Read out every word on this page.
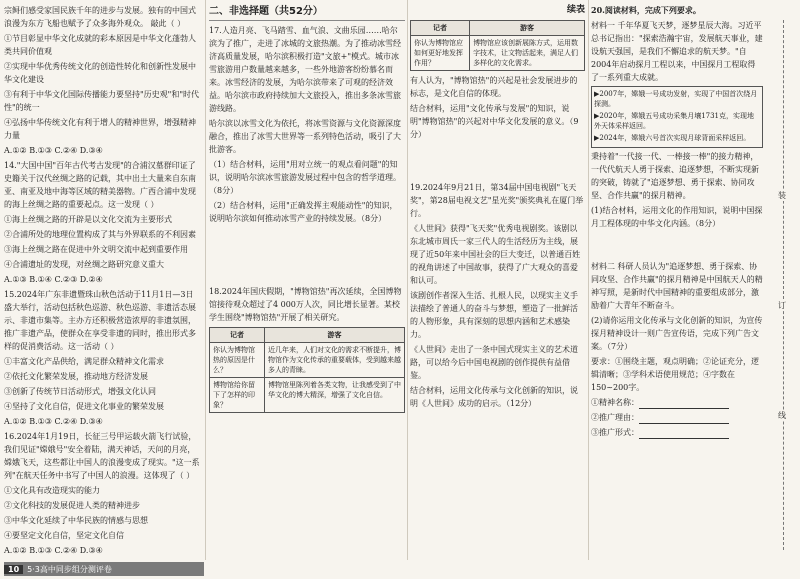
宗鲟们感受家国民族千年的进步与发展。独有的中国式浪漫为东方飞船也赋予了众多海外观众。 敲此（ ）

①节目彰显中华文化成就的彩本原因是中华文化蓬勃人类共同价值观

②实现中华优秀传统文化的创造性转化和创新性发展中华文化建设

③有利于中华文化国际传播能力要坚持"历史观"和"时代性"的统一

④弘扬中华传统文化有利于增人的精神世界，增强精神力量

A.①② B.①③ C.②④ D.③④

14."大国中国"百年古代考古发现"的合浦汉墓群印证了史籍关于汉代丝绸之路的记载，其中出土大量来自东南亚、南亚及地中海等区域的精美器物。广西合浦中发现的海上丝绸之路的重要起点。这一发现（ ）

①海上丝绸之路的开辟是以文化交流为主要形式

②合浦所处的地理位置构成了其与外界联系的不利因素

③海上丝绸之路在促进中外文明交流中起到重要作用

④合浦遗址的发现，对丝绸之路研究意义重大

A.①③ B.①④ C.②③ D.②④

15.2024年广东非遗暨珠山秋色活动于11月1日—3日盛大举行，活动包括秋色巡游、秋色巡游、非遗活态展示、非遗市集等。主办方还积极营造浓厚的非遗氛围，推广非遗产品，使群众在享受非遗的同时，推出形式多样的促消费活动。这一活动（ ）

①丰富文化产品供给，满足群众精神文化需求

②依托文化繁荣发展，推动地方经济发展

③创新了传统节日活动形式，增强文化认同

④坚持了文化自信，促进文化事业的繁荣发展

A.①② B.①③ C.②④ D.③④

16.2024年1月19日，长征三号甲运载火箭飞行试验，我们见证"嫦娥号"安全着陆，满天神话，天问的月亮，嫦娥飞天，这些都让中国人的浪漫变成了现实。"这一系列"在航天任务中书写了中国人的浪漫。这体现了（ ）

①文化具有改造现实的能力

②文化科技的发展促进人类的精神进步

③中华文化延续了中华民族的情感与思想

④要坚定文化自信，坚定文化自信

A.①② B.①③ C.②④ D.③④

二、非选择题（共52分）

17.人造月亮、飞马踏雪、血气浪、文曲乐园……哈尔滨为了推广，走进了冰城的文旅热潮。为了推动冰雪经济高质量发展，哈尔滨积极打造"文旅+"模式。城市冰雪旅游用户数量越来越多，一些外地游客纷纷慕名而来。冰雪经济的发展，为哈尔滨带来了可观的经济效益。哈尔滨市政府持续加大文旅投入，推出多条冰雪旅游线路。

哈尔滨以冰雪文化为依托，将冰雪资源与文化资源深度融合，推出了冰雪大世界等一系列特色活动，吸引了大批游客。

（1）结合材料，运用"用对立统一的观点看问题"的知识，说明哈尔滨冰雪旅游发展过程中包含的哲学道理。（8分）

（2）结合材料，运用"正确发挥主观能动性"的知识，说明哈尔滨如何推动冰雪产业的持续发展。（8分）

18.2024年国庆假期，"博物馆热"再次延续，全国博物馆接待观众超过了4 000万人次，同比增长显著。某校学生围绕"博物馆热"开展了相关研究。

记者	游客
你认为博物馆热的原因是什么？	近几年来，人们对文化的需求不断提升，博物馆作为文化传承的重要载体，受到越来越多人的青睐。
博物馆给你留下了怎样的印象？	博物馆里陈列着各类文物，让我感受到了中华文化的博大精深，增强了文化自信。
续表
记者	游客
你认为博物馆应如何更好地发挥作用？	博物馆应该创新展陈方式，运用数字技术，让文物活起来，满足人们多样化的文化需求。

有人认为，"博物馆热"的兴起是社会发展进步的标志，是文化自信的体现。

结合材料，运用"文化传承与发展"的知识，说明"博物馆热"的兴起对中华文化发展的意义。（9分）

19.2024年9月21日，第34届中国电视剧"飞天奖"，第28届电视文艺"星光奖"颁奖典礼在厦门举行。

《人世间》获得"飞天奖"优秀电视剧奖。该剧以东北城市周氏一家三代人的生活经历为主线，展现了近50年来中国社会的巨大变迁，以普通百姓的视角讲述了中国故事，获得了广大观众的喜爱和认可。

该剧创作者深入生活、扎根人民，以现实主义手法描绘了普通人的奋斗与梦想，塑造了一批鲜活的人物形象，具有深刻的思想内涵和艺术感染力。

《人世间》走出了一条中国式现实主义的艺术道路，可以给今后中国电视剧的创作提供有益借鉴。

结合材料，运用文化传承与文化创新的知识，说明《人世间》成功的启示。（12分）

20.阅读材料，完成下列要求。

材料一 千年华夏飞天梦，逐梦星辰大海。习近平总书记指出："探索浩瀚宇宙，发展航天事业，建设航天强国，是我们不懈追求的航天梦。"自2004年启动探月工程以来，中国探月工程取得了一系列重大成就。

▶2007年，嫦娥一号成功发射，实现了中国首次绕月探测。

▶2020年，嫦娥五号成功采集月壤1731克，实现地外天体采样返回。

▶2024年，嫦娥六号首次实现月球背面采样返回。

秉持着"一代接一代、一棒接一棒"的接力精神，一代代航天人勇于探索、追逐梦想，不断实现新的突破，铸就了"追逐梦想、勇于探索、协同攻坚、合作共赢"的探月精神。

(1)结合材料，运用文化的作用知识，说明中国探月工程体现的中华文化内涵。（8分）

材料二 科研人员认为"追逐梦想、勇于探索、协同攻坚、合作共赢"的探月精神是中国航天人的精神写照，是新时代中国精神的重要组成部分，激励着广大青年不断奋斗。

(2)请你运用文化传承与文化创新的知识，为宣传探月精神设计一则广告宣传语，完成下列广告文案。（7分）

要求：①围绕主题，观点明确；②论证充分，逻辑清晰；③学科术语使用规范；④字数在150~200字。

①精神名称：

②推广理由：

③推广形式：

装
订
线
10	5·3高中同步组分测评卷
